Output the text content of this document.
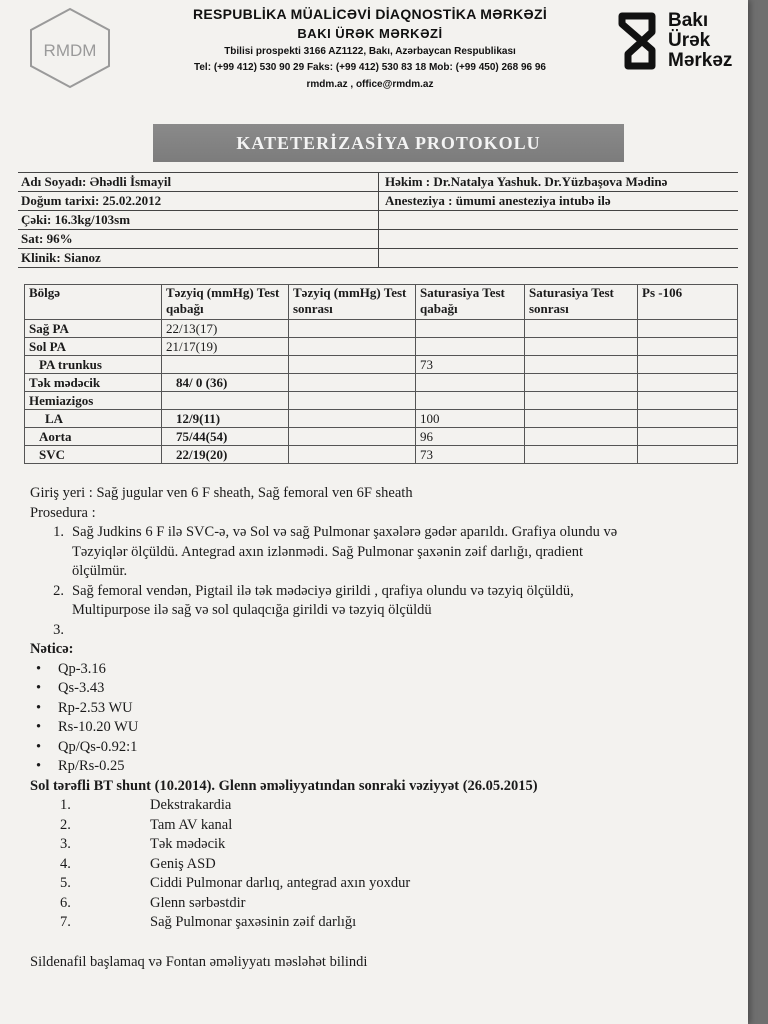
RMDM
RESPUBLİKA MÜALİCƏVİ DİAQNOSTİKA MƏRKƏZİ
BAKI ÜRƏK MƏRKƏZİ
Tbilisi prospekti 3166 AZ1122, Bakı, Azərbaycan Respublikası
Tel: (+99 412) 530 90 29 Faks: (+99 412) 530 83 18 Mob: (+99 450) 268 96 96
rmdm.az , office@rmdm.az
Bakı
Ürək
Mərkəz
KATETERİZASİYA PROTOKOLU
Adı Soyadı: Əhədli İsmayil	Həkim : Dr.Natalya Yashuk. Dr.Yüzbaşova Mədinə
Doğum tarixi: 25.02.2012	Anesteziya : ümumi anesteziya intubə ilə
Çəki: 16.3kg/103sm	
Sat: 96%	
Klinik: Sianoz	
Bölgə	Təzyiq (mmHg) Test qabağı	Təzyiq (mmHg) Test sonrası	Saturasiya Test qabağı	Saturasiya Test sonrası	Ps -106
Sağ PA	22/13(17)				
Sol PA	21/17(19)				
PA trunkus			73		
Tək mədəcik	84/ 0 (36)				
Hemiazigos					
LA	12/9(11)		100		
Aorta	75/44(54)		96		
SVC	22/19(20)		73		
Giriş yeri : Sağ jugular ven 6 F sheath, Sağ femoral ven 6F sheath
Prosedura :
1. Sağ Judkins 6 F ilə SVC-ə, və Sol və sağ Pulmonar şaxələrə gədər aparıldı. Grafiya olundu və
Təzyiqlər ölçüldü. Antegrad axın izlənmədi. Sağ Pulmonar şaxənin zəif darlığı, qradient
ölçülmür.
2. Sağ femoral vendən, Pigtail ilə tək mədəciyə girildi , qrafiya olundu və təzyiq ölçüldü,
Multipurpose ilə sağ və sol qulaqcığa girildi və təzyiq ölçüldü
3.
Nəticə:
• Qp-3.16
• Qs-3.43
• Rp-2.53 WU
• Rs-10.20 WU
• Qp/Qs-0.92:1
• Rp/Rs-0.25
Sol tərəfli BT shunt (10.2014). Glenn əməliyyatından sonraki vəziyyət (26.05.2015)
1.	Dekstrakardia
2.	Tam AV kanal
3.	Tək mədəcik
4.	Geniş ASD
5.	Ciddi Pulmonar darlıq, antegrad axın yoxdur
6.	Glenn sərbəstdir
7.	Sağ Pulmonar şaxəsinin zəif darlığı
Sildenafil başlamaq və Fontan əməliyyatı məsləhət bilindi
